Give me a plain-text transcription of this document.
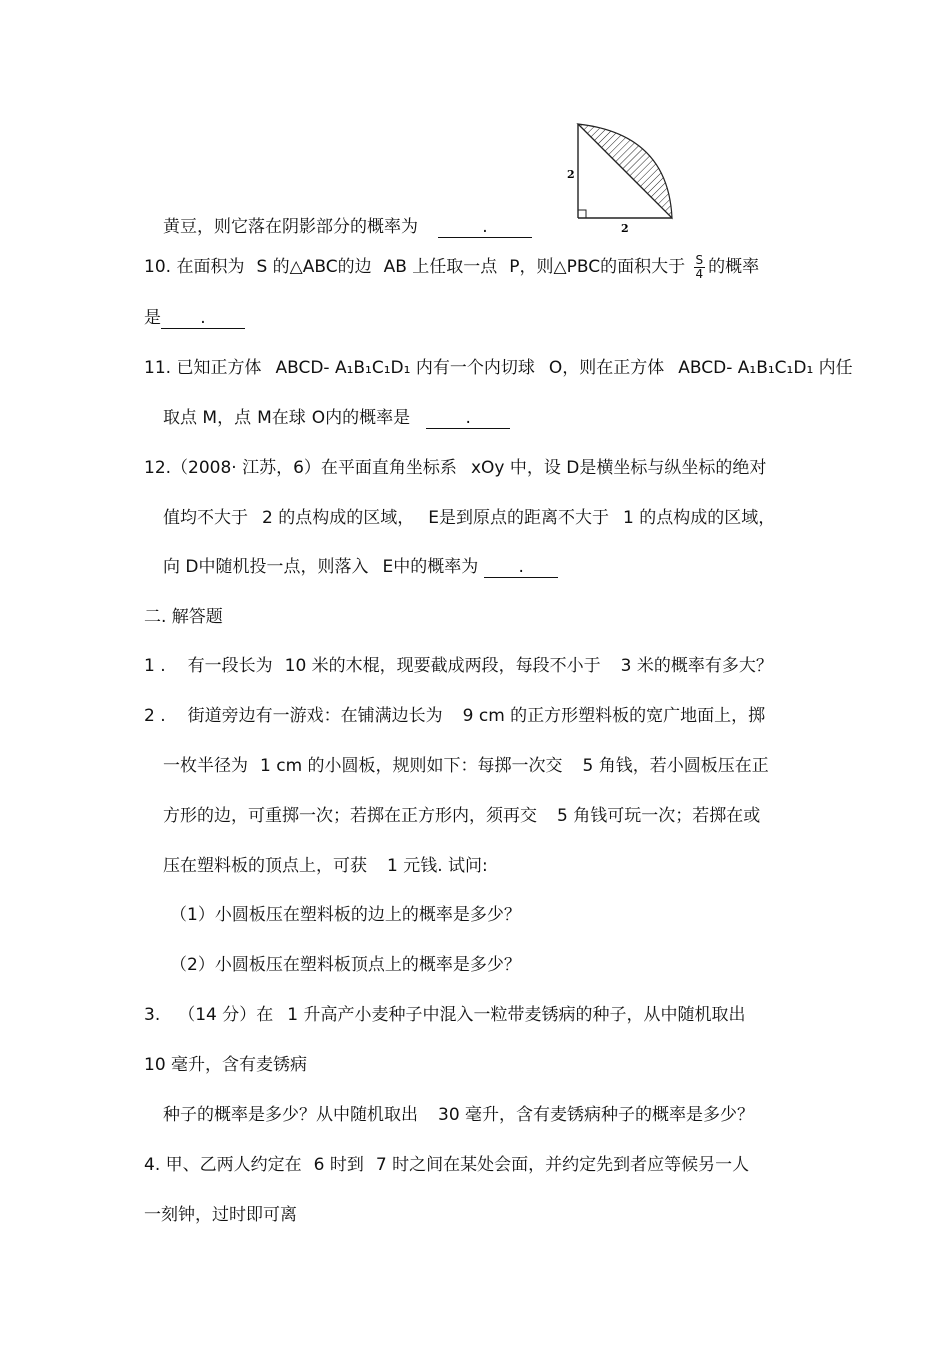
2
2
黄豆，则它落在阴影部分的概率为	.
10. 在面积为 S 的△ABC的边 AB 上任取一点 P，则△PBC的面积大于 $\frac{S}{4}$ 的概率
是 .
11. 已知正方体 ABCD- A₁B₁C₁D₁ 内有一个内切球 O，则在正方体 ABCD- A₁B₁C₁D₁ 内任
取点 M，点 M在球 O内的概率是	.
12.（2008· 江苏，6）在平面直角坐标系 xOy 中，设 D是横坐标与纵坐标的绝对
值均不大于 2 的点构成的区域， E是到原点的距离不大于 1 的点构成的区域，
向 D中随机投一点，则落入 E中的概率为 .
二. 解答题
1 . 有一段长为 10 米的木棍，现要截成两段，每段不小于 3 米的概率有多大？
2 . 街道旁边有一游戏：在铺满边长为 9 cm 的正方形塑料板的宽广地面上，掷
一枚半径为 1 cm 的小圆板，规则如下：每掷一次交 5 角钱，若小圆板压在正
方形的边，可重掷一次；若掷在正方形内，须再交 5 角钱可玩一次；若掷在或
压在塑料板的顶点上，可获 1 元钱. 试问:
（1）小圆板压在塑料板的边上的概率是多少？
（2）小圆板压在塑料板顶点上的概率是多少？
3. （14 分）在 1 升高产小麦种子中混入一粒带麦锈病的种子，从中随机取出
10 毫升，含有麦锈病
种子的概率是多少？从中随机取出 30 毫升，含有麦锈病种子的概率是多少？
4. 甲、乙两人约定在 6 时到 7 时之间在某处会面，并约定先到者应等候另一人
一刻钟，过时即可离
